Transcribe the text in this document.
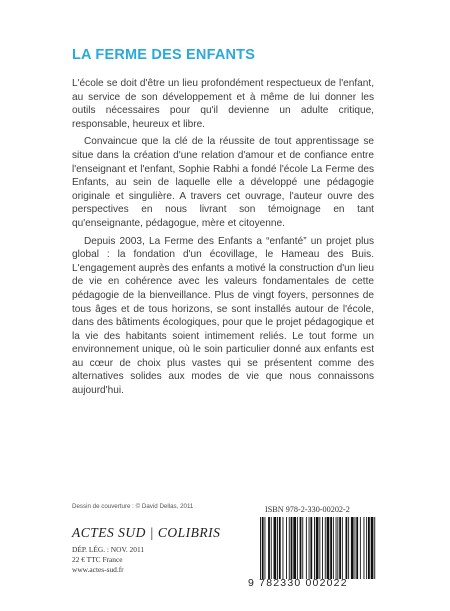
LA FERME DES ENFANTS

L'école se doit d'être un lieu profondément respectueux de l'enfant, au service de son développement et à même de lui donner les outils nécessaires pour qu'il devienne un adulte critique, responsable, heureux et libre.

Convaincue que la clé de la réussite de tout apprentissage se situe dans la création d'une relation d'amour et de confiance entre l'enseignant et l'enfant, Sophie Rabhi a fondé l'école La Ferme des Enfants, au sein de laquelle elle a développé une pédagogie originale et singulière. A travers cet ouvrage, l'auteur ouvre des perspectives en nous livrant son témoignage en tant qu'enseignante, pédagogue, mère et citoyenne.

Depuis 2003, La Ferme des Enfants a “enfanté” un projet plus global : la fondation d'un écovillage, le Hameau des Buis. L'engagement auprès des enfants a motivé la construction d'un lieu de vie en cohérence avec les valeurs fondamentales de cette pédagogie de la bienveillance. Plus de vingt foyers, personnes de tous âges et de tous horizons, se sont installés autour de l'école, dans des bâtiments écologiques, pour que le projet pédagogique et la vie des habitants soient intimement reliés. Le tout forme un environnement unique, où le soin particulier donné aux enfants est au cœur de choix plus vastes qui se présentent comme des alternatives solides aux modes de vie que nous connaissons aujourd'hui.

Dessin de couverture : © David Dellas, 2011	ISBN 978-2-330-00202-2
ACTES SUD | COLIBRIS
DÉP. LÉG. : NOV. 2011
22 € TTC France
www.actes-sud.fr
9 782330 002022
